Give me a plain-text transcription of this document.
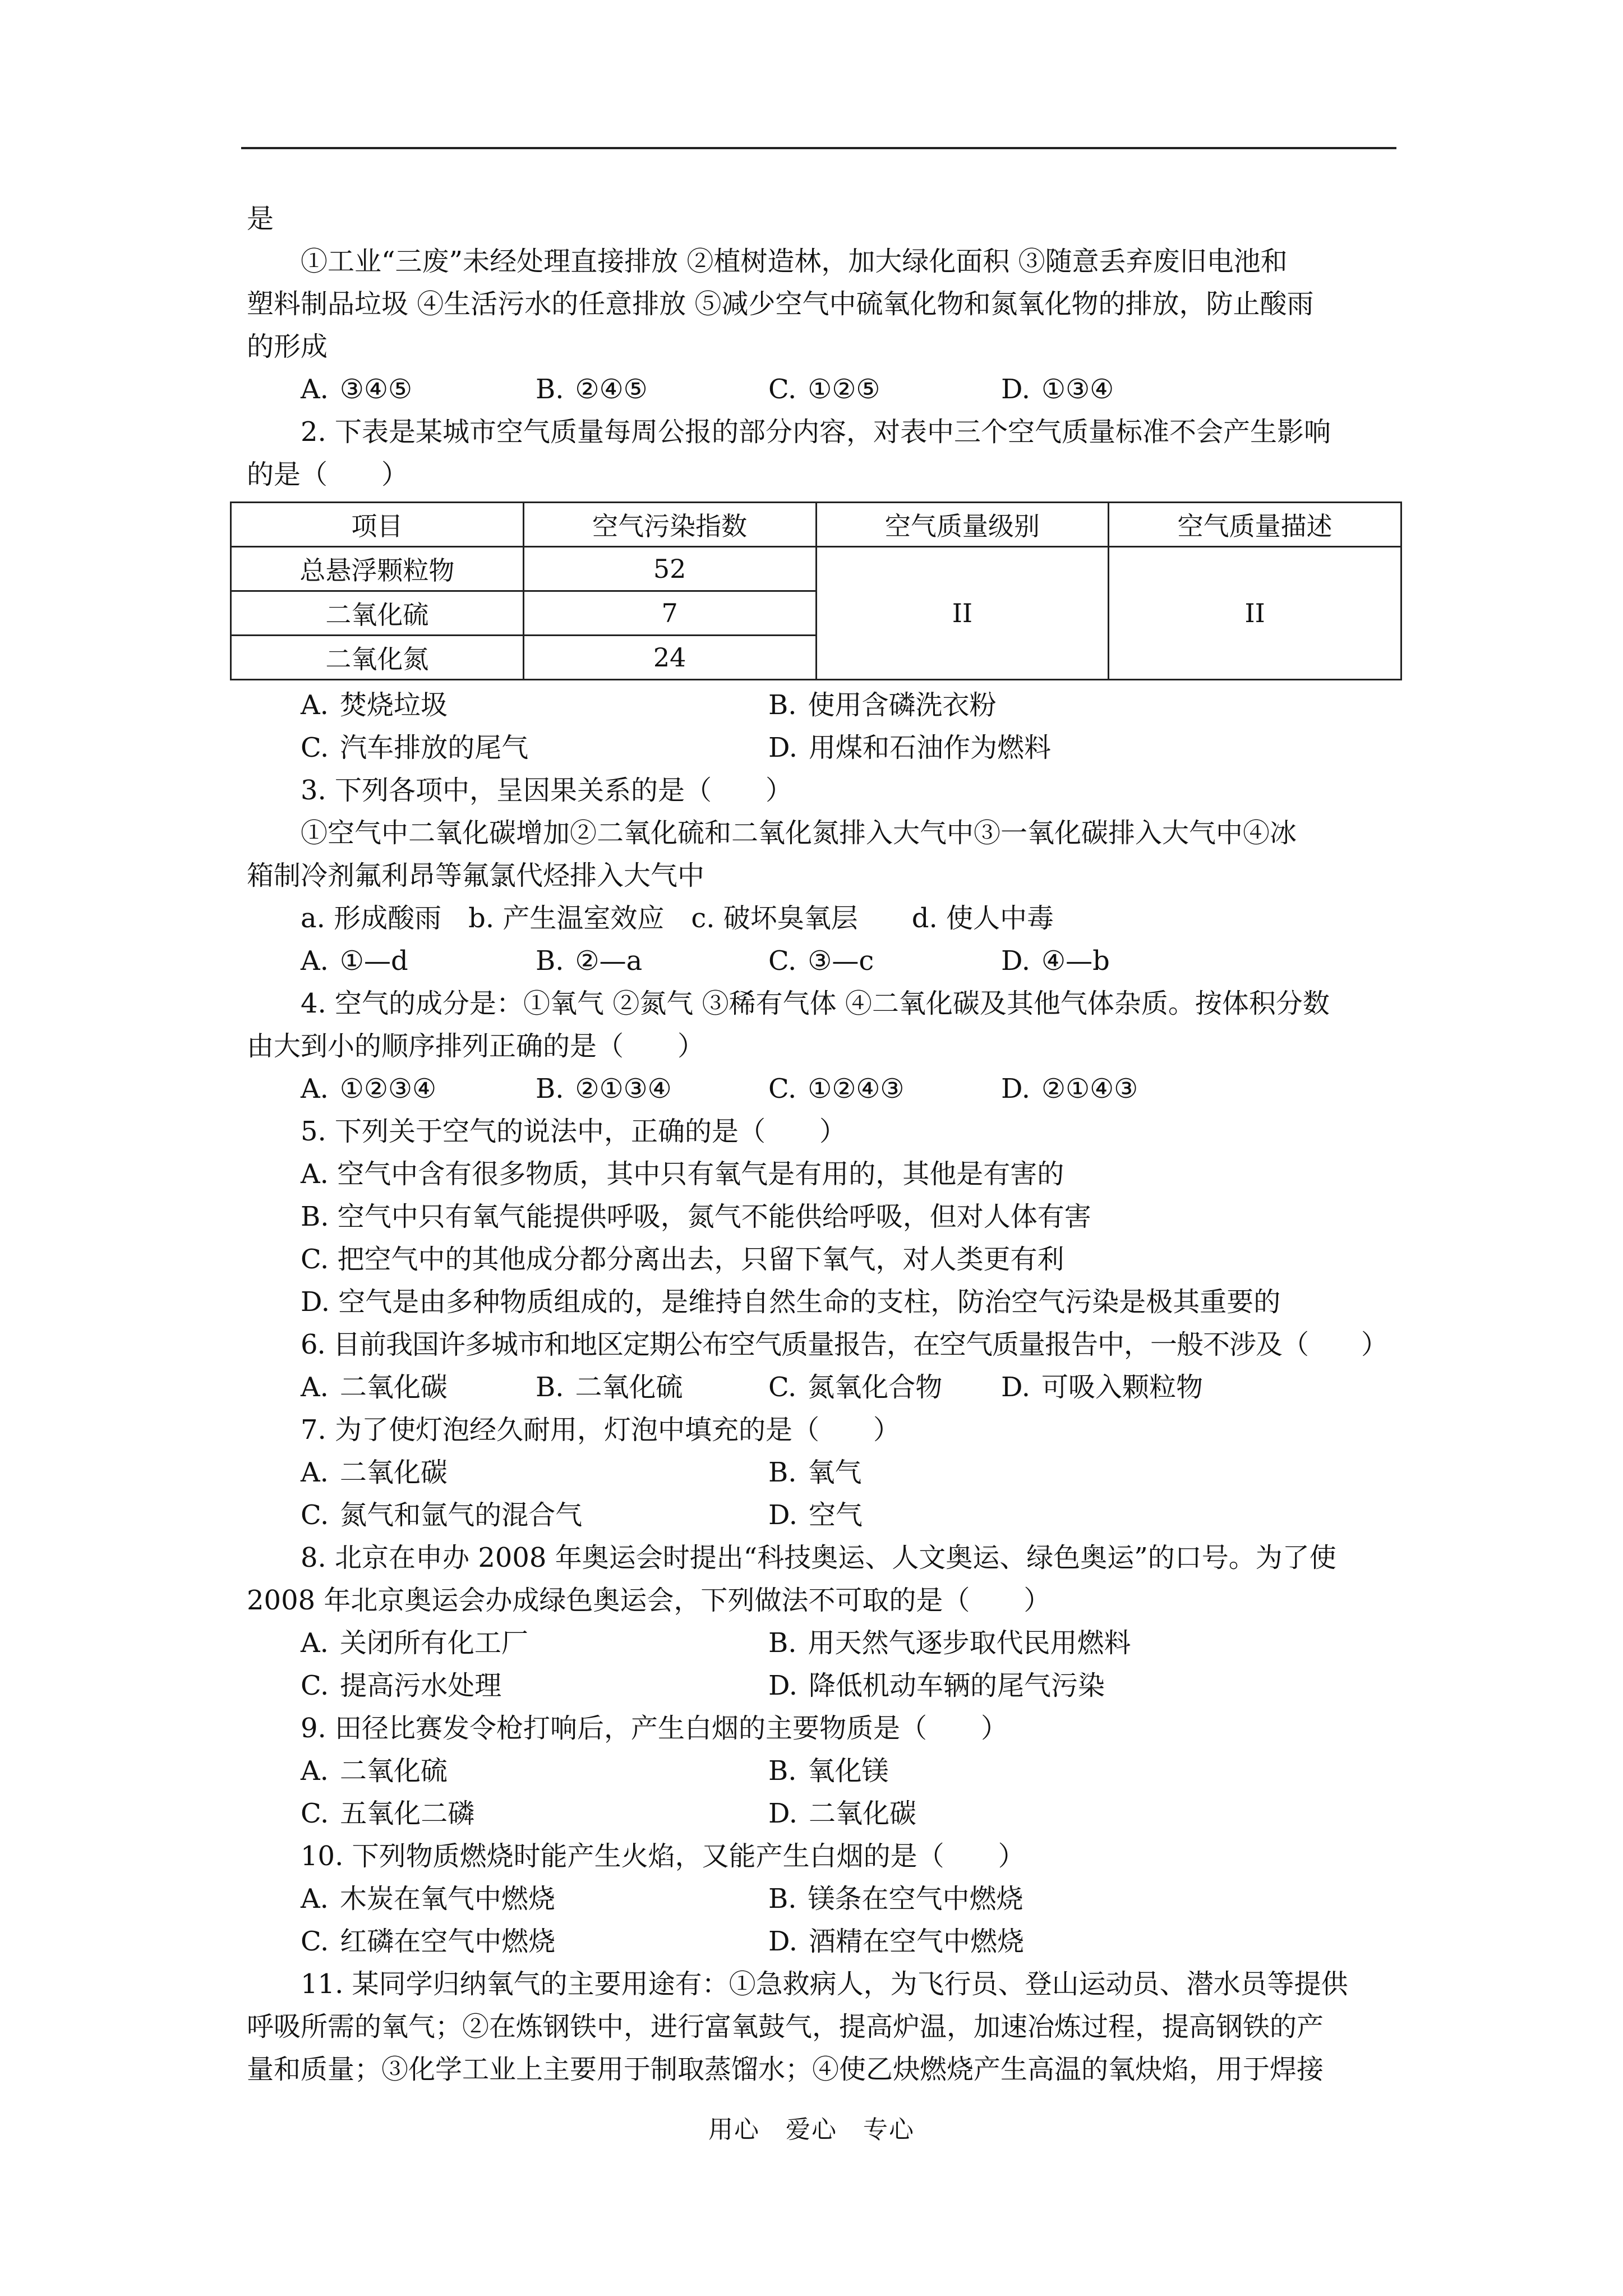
是
①工业“三废”未经处理直接排放 ②植树造林，加大绿化面积 ③随意丢弃废旧电池和
塑料制品垃圾 ④生活污水的任意排放 ⑤减少空气中硫氧化物和氮氧化物的排放，防止酸雨
的形成
A. ③④⑤	B. ②④⑤	C. ①②⑤	D. ①③④
2. 下表是某城市空气质量每周公报的部分内容，对表中三个空气质量标准不会产生影响
的是（　　）
项目	空气污染指数	空气质量级别	空气质量描述
总悬浮颗粒物	52	II	II
二氧化硫	7		
二氧化氮	24		
A. 焚烧垃圾	B. 使用含磷洗衣粉
C. 汽车排放的尾气	D. 用煤和石油作为燃料
3. 下列各项中，呈因果关系的是（　　）
①空气中二氧化碳增加②二氧化硫和二氧化氮排入大气中③一氧化碳排入大气中④冰
箱制冷剂氟利昂等氟氯代烃排入大气中
a. 形成酸雨　b. 产生温室效应　c. 破坏臭氧层　　d. 使人中毒
A. ①—d	B. ②—a	C. ③—c	D. ④—b
4. 空气的成分是：①氧气 ②氮气 ③稀有气体 ④二氧化碳及其他气体杂质。按体积分数
由大到小的顺序排列正确的是（　　）
A. ①②③④	B. ②①③④	C. ①②④③	D. ②①④③
5. 下列关于空气的说法中，正确的是（　　）
A. 空气中含有很多物质，其中只有氧气是有用的，其他是有害的
B. 空气中只有氧气能提供呼吸，氮气不能供给呼吸，但对人体有害
C. 把空气中的其他成分都分离出去，只留下氧气，对人类更有利
D. 空气是由多种物质组成的，是维持自然生命的支柱，防治空气污染是极其重要的
6. 目前我国许多城市和地区定期公布空气质量报告，在空气质量报告中，一般不涉及（　　）
A. 二氧化碳	B. 二氧化硫	C. 氮氧化合物 D. 可吸入颗粒物
7. 为了使灯泡经久耐用，灯泡中填充的是（　　）
A. 二氧化碳	B. 氧气
C. 氮气和氩气的混合气	D. 空气
8. 北京在申办 2008 年奥运会时提出“科技奥运、人文奥运、绿色奥运”的口号。为了使
2008 年北京奥运会办成绿色奥运会，下列做法不可取的是（　　）
A. 关闭所有化工厂	B. 用天然气逐步取代民用燃料
C. 提高污水处理	D. 降低机动车辆的尾气污染
9. 田径比赛发令枪打响后，产生白烟的主要物质是（　　）
A. 二氧化硫	B. 氧化镁
C. 五氧化二磷	D. 二氧化碳
10. 下列物质燃烧时能产生火焰，又能产生白烟的是（　　）
A. 木炭在氧气中燃烧	B. 镁条在空气中燃烧
C. 红磷在空气中燃烧	D. 酒精在空气中燃烧
11. 某同学归纳氧气的主要用途有：①急救病人，为飞行员、登山运动员、潜水员等提供
呼吸所需的氧气；②在炼钢铁中，进行富氧鼓气，提高炉温，加速冶炼过程，提高钢铁的产
量和质量；③化学工业上主要用于制取蒸馏水；④使乙炔燃烧产生高温的氧炔焰，用于焊接
用心　爱心　专心
